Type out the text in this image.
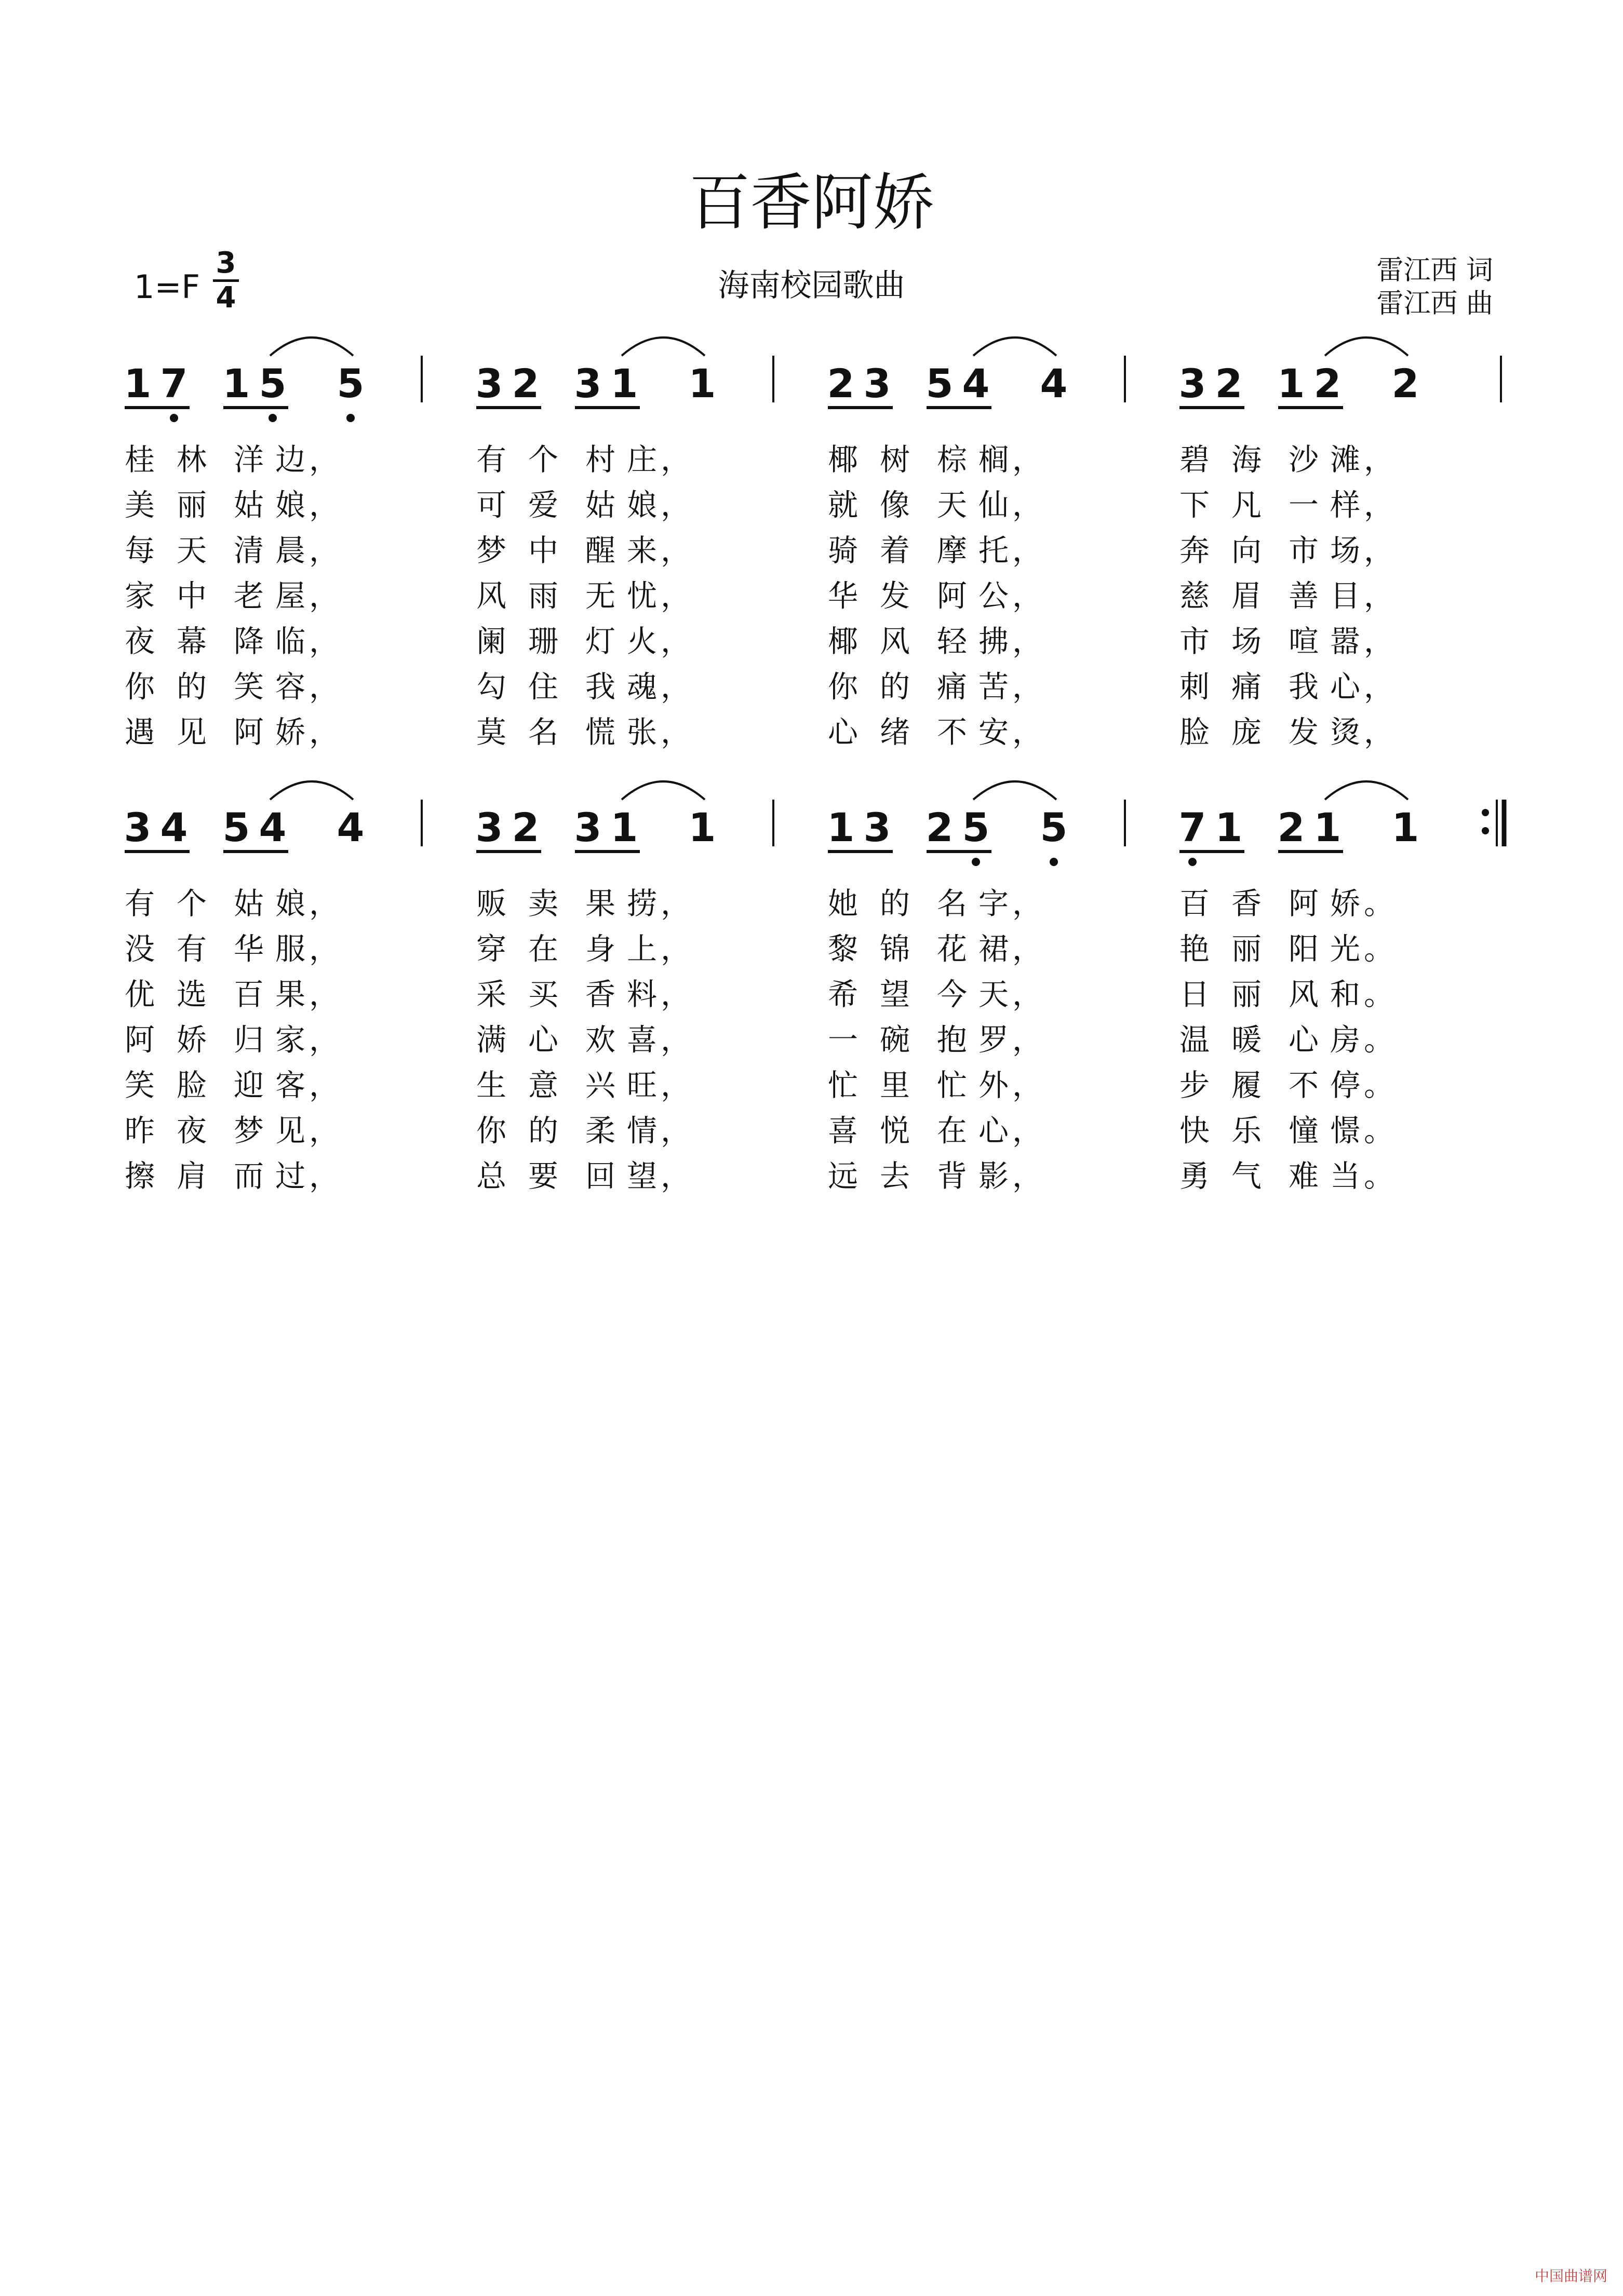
百香阿娇
海南校园歌曲
1=F
3
4
雷江西 词
雷江西 曲
1 7 1 5 5
桂 林 洋 边 ，
美 丽 姑 娘 ，
每 天 清 晨 ，
家 中 老 屋 ，
夜 幕 降 临 ，
你 的 笑 容 ，
遇 见 阿 娇 ，
3 2 3 1 1
有 个 村 庄 ，
可 爱 姑 娘 ，
梦 中 醒 来 ，
风 雨 无 忧 ，
阑 珊 灯 火 ，
勾 住 我 魂 ，
莫 名 慌 张 ，
2 3 5 4 4
椰 树 棕 榈 ，
就 像 天 仙 ，
骑 着 摩 托 ，
华 发 阿 公 ，
椰 风 轻 拂 ，
你 的 痛 苦 ，
心 绪 不 安 ，
3 2 1 2 2
碧 海 沙 滩 ，
下 凡 一 样 ，
奔 向 市 场 ，
慈 眉 善 目 ，
市 场 喧 嚣 ，
刺 痛 我 心 ，
脸 庞 发 烫 ，
3 4 5 4 4
有 个 姑 娘 ，
没 有 华 服 ，
优 选 百 果 ，
阿 娇 归 家 ，
笑 脸 迎 客 ，
昨 夜 梦 见 ，
擦 肩 而 过 ，
3 2 3 1 1
贩 卖 果 捞 ，
穿 在 身 上 ，
采 买 香 料 ，
满 心 欢 喜 ，
生 意 兴 旺 ，
你 的 柔 情 ，
总 要 回 望 ，
1 3 2 5 5
她 的 名 字 ，
黎 锦 花 裙 ，
希 望 今 天 ，
一 碗 抱 罗 ，
忙 里 忙 外 ，
喜 悦 在 心 ，
远 去 背 影 ，
7 1 2 1 1
百 香 阿 娇 。
艳 丽 阳 光 。
日 丽 风 和 。
温 暖 心 房 。
步 履 不 停 。
快 乐 憧 憬 。
勇 气 难 当 。
中国曲谱网
